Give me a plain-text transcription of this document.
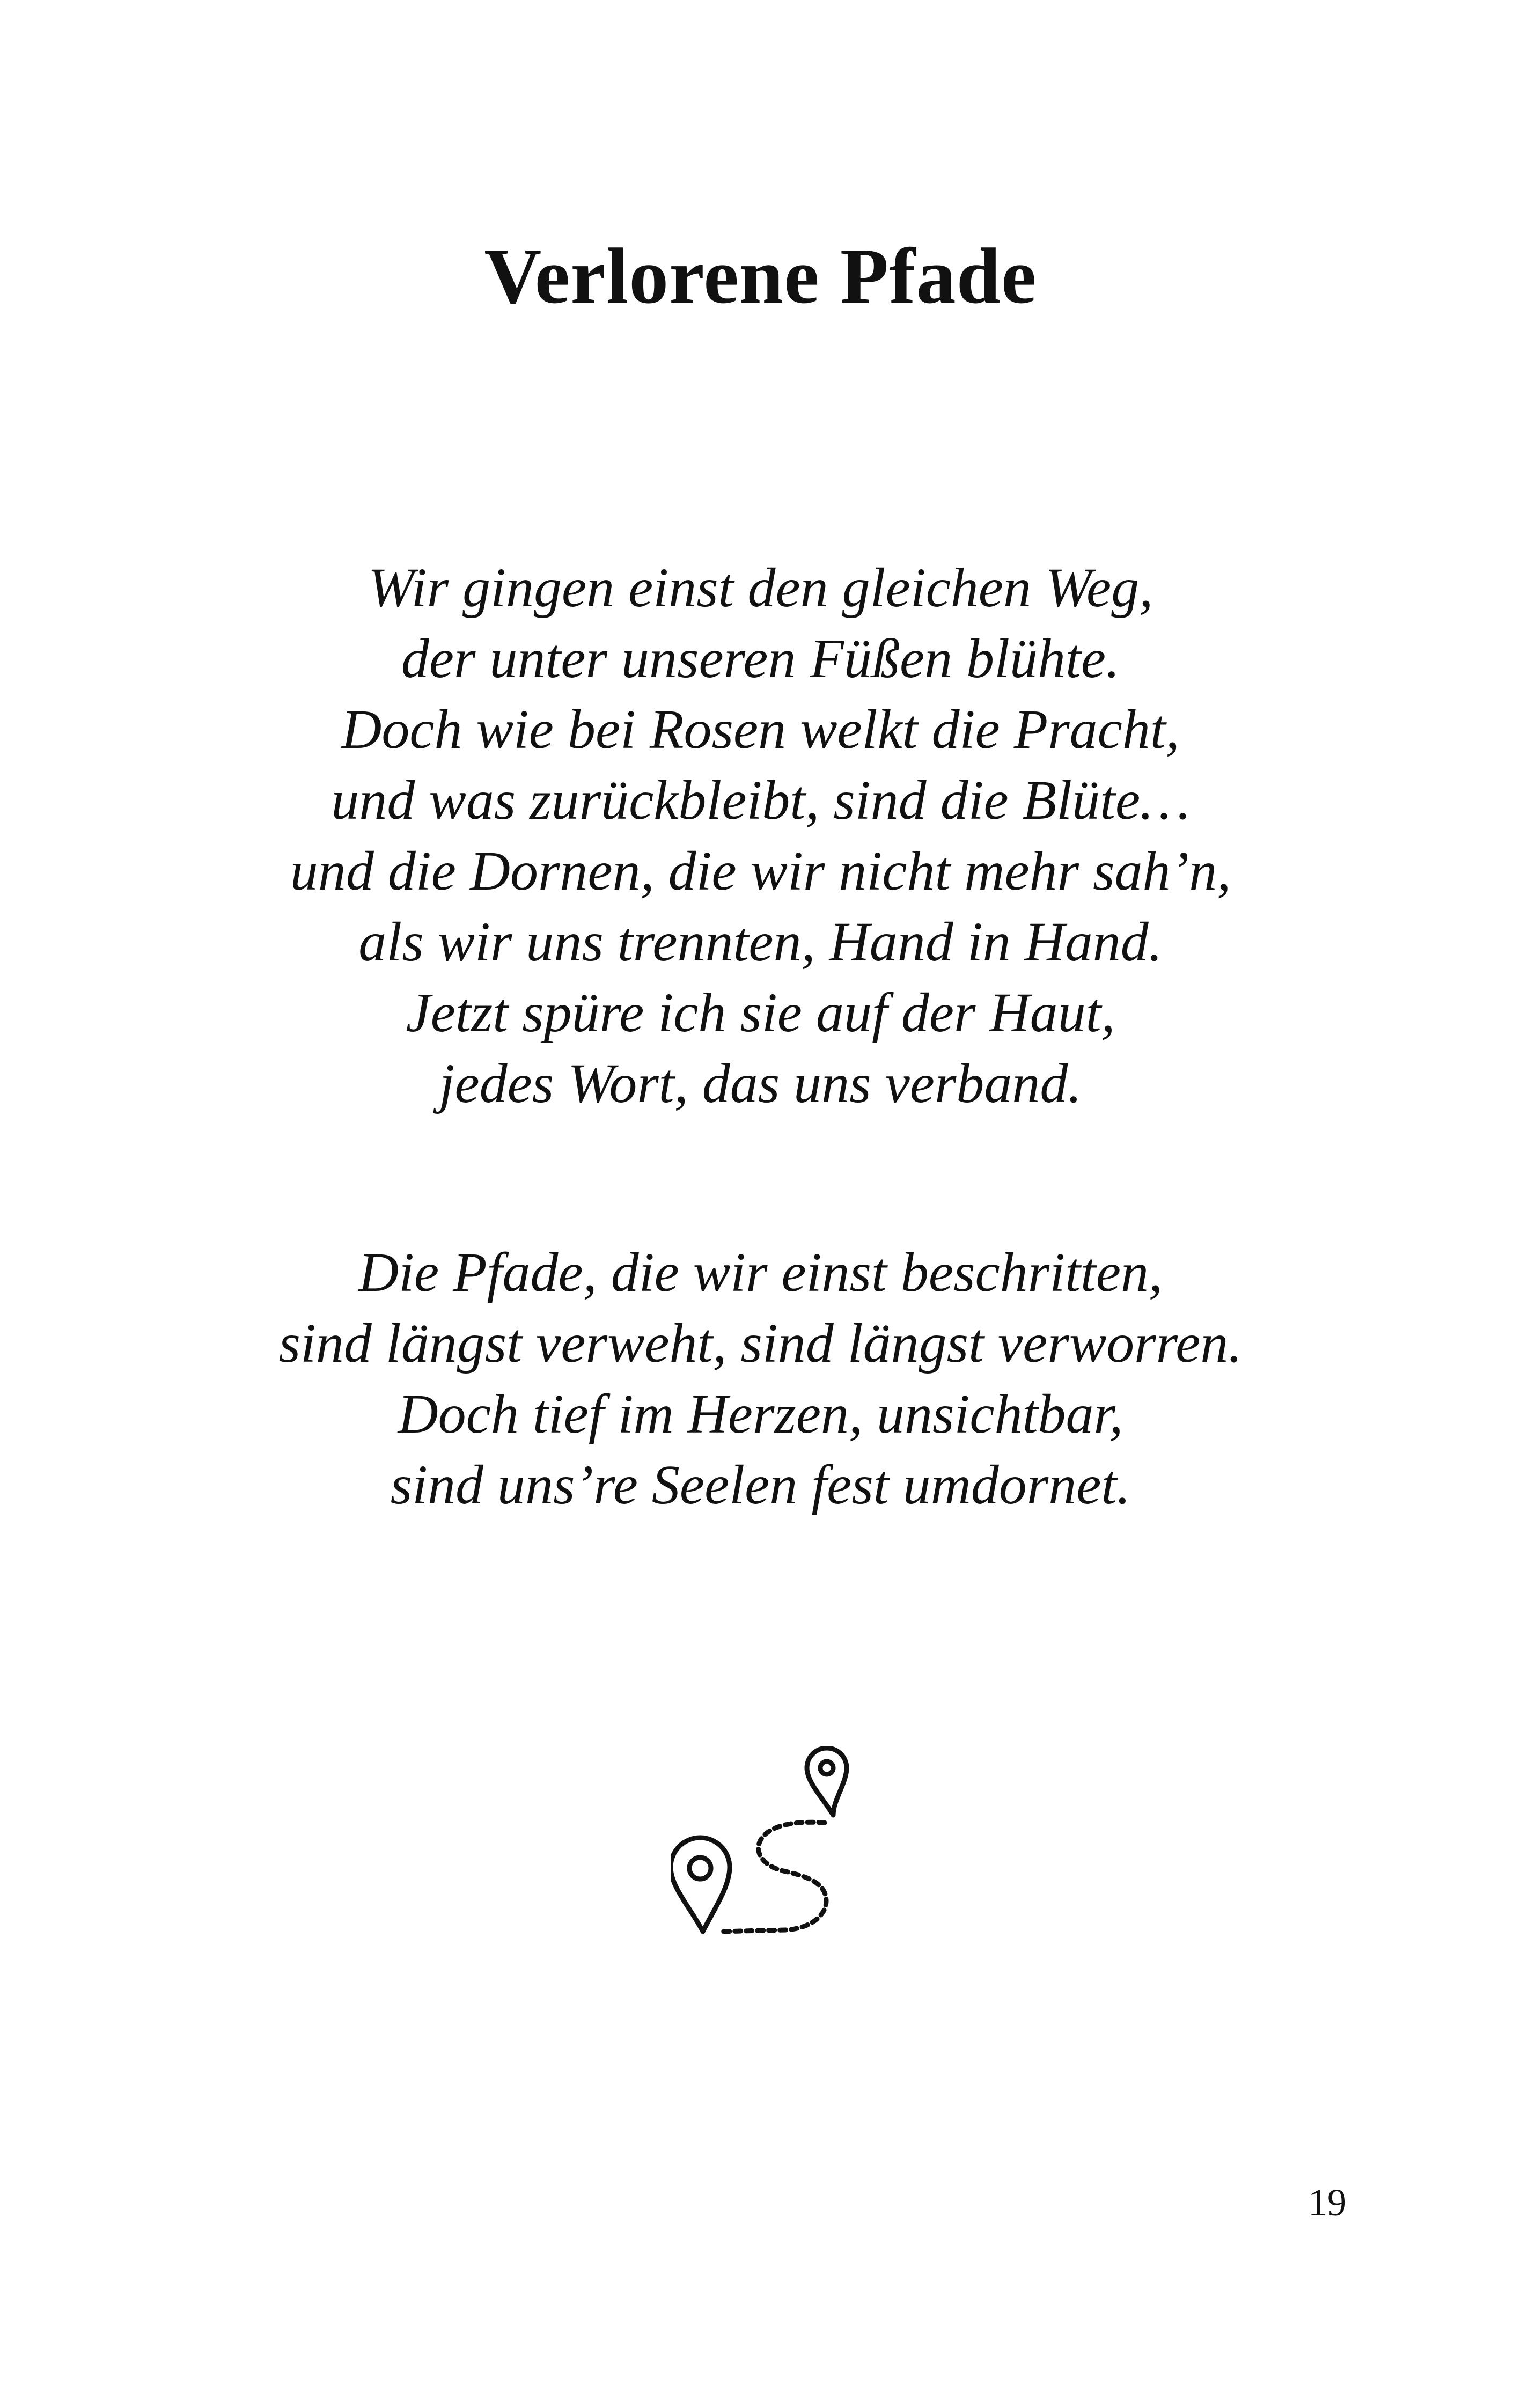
Verlorene Pfade
Wir gingen einst den gleichen Weg,
der unter unseren Füßen blühte.
Doch wie bei Rosen welkt die Pracht,
und was zurückbleibt, sind die Blüte…
und die Dornen, die wir nicht mehr sah’n,
als wir uns trennten, Hand in Hand.
Jetzt spüre ich sie auf der Haut,
jedes Wort, das uns verband.
Die Pfade, die wir einst beschritten,
sind längst verweht, sind längst verworren.
Doch tief im Herzen, unsichtbar,
sind uns’re Seelen fest umdornet.
19
